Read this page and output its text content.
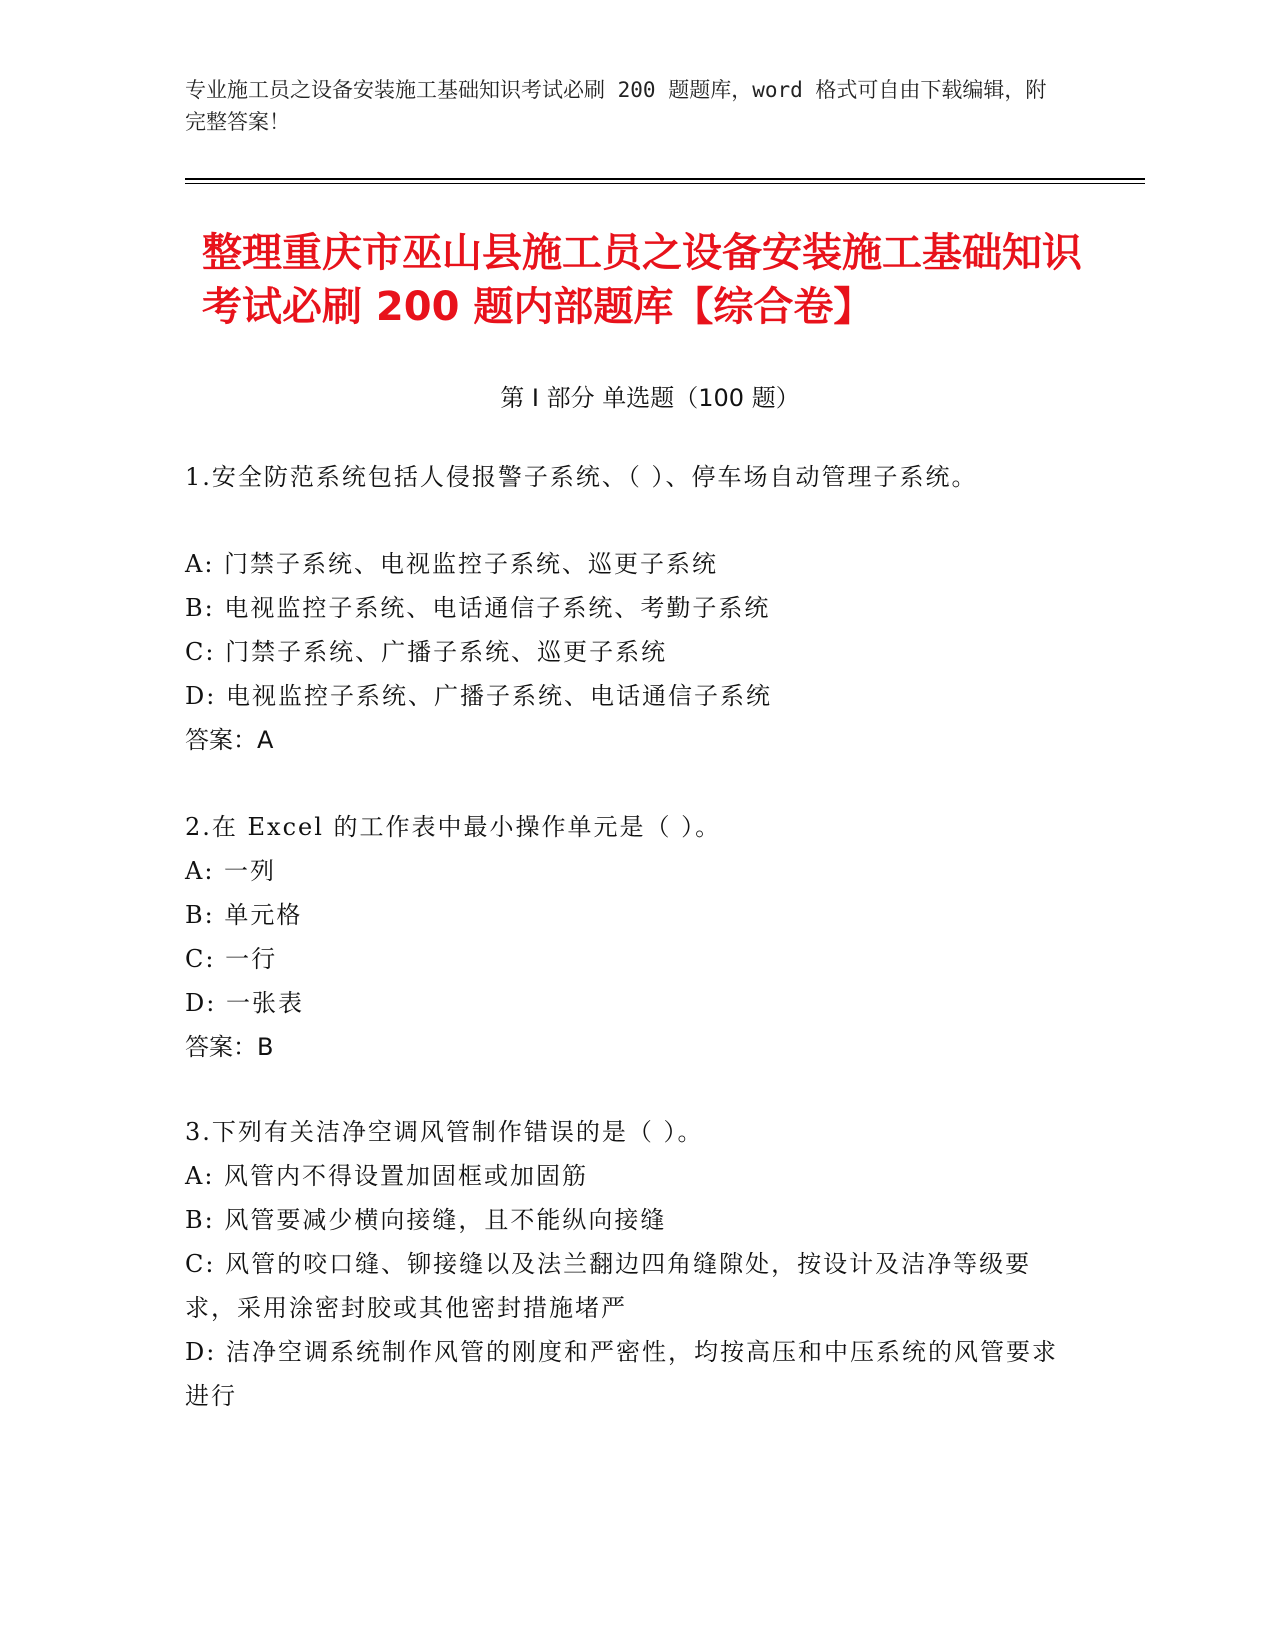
专业施工员之设备安装施工基础知识考试必刷 200 题题库，word 格式可自由下载编辑，附完整答案！
整理重庆市巫山县施工员之设备安装施工基础知识考试必刷 200 题内部题库【综合卷】
第 I 部分 单选题（100 题）
1.安全防范系统包括人侵报警子系统、（ ）、停车场自动管理子系统。
A: 门禁子系统、电视监控子系统、巡更子系统
B: 电视监控子系统、电话通信子系统、考勤子系统
C: 门禁子系统、广播子系统、巡更子系统
D: 电视监控子系统、广播子系统、电话通信子系统
答案：A
2.在 Excel 的工作表中最小操作单元是（ ）。
A: 一列
B: 单元格
C: 一行
D: 一张表
答案：B
3.下列有关洁净空调风管制作错误的是（ ）。
A: 风管内不得设置加固框或加固筋
B: 风管要减少横向接缝，且不能纵向接缝
C: 风管的咬口缝、铆接缝以及法兰翻边四角缝隙处，按设计及洁净等级要求，采用涂密封胶或其他密封措施堵严
D: 洁净空调系统制作风管的刚度和严密性，均按高压和中压系统的风管要求进行
